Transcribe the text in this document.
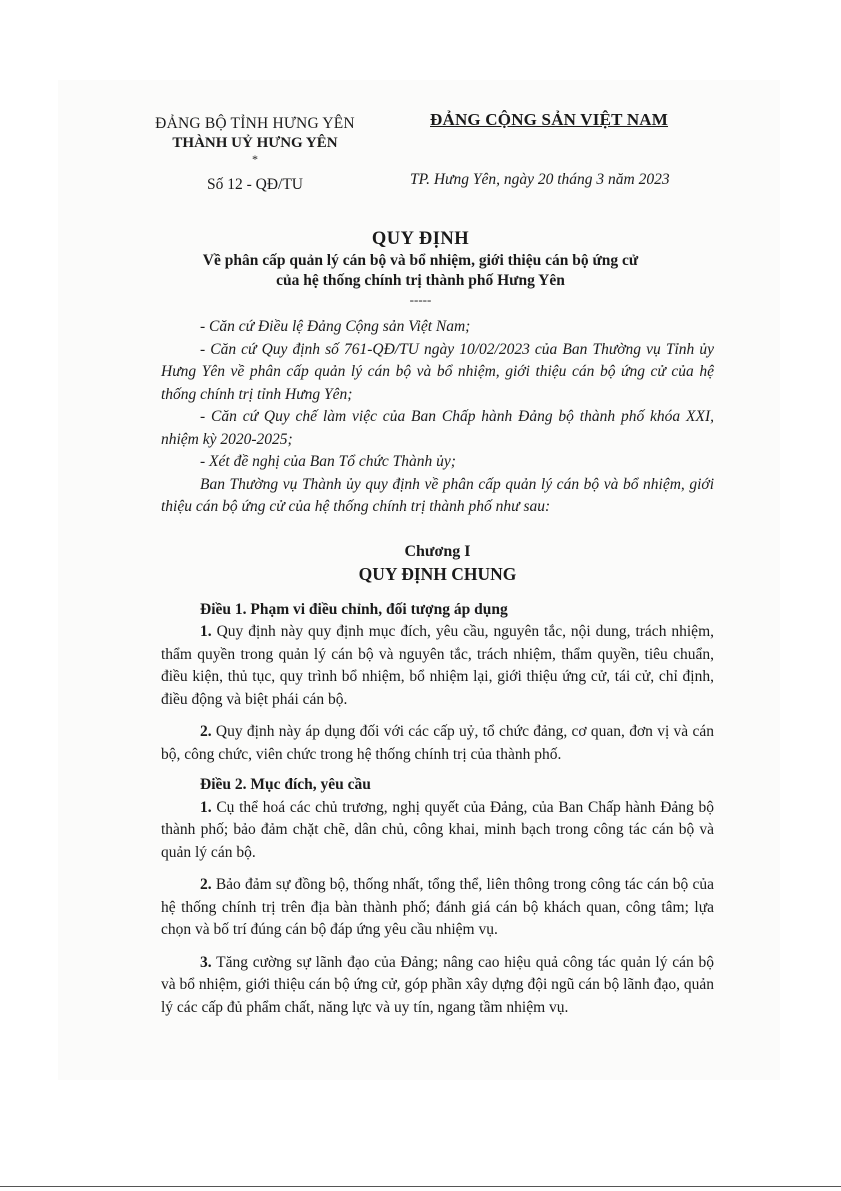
ĐẢNG BỘ TỈNH HƯNG YÊN
THÀNH UỶ HƯNG YÊN
*
Số 12 - QĐ/TU
ĐẢNG CỘNG SẢN VIỆT NAM
TP. Hưng Yên, ngày 20 tháng 3 năm 2023
QUY ĐỊNH
Về phân cấp quản lý cán bộ và bổ nhiệm, giới thiệu cán bộ ứng cử
của hệ thống chính trị thành phố Hưng Yên
-----

- Căn cứ Điều lệ Đảng Cộng sản Việt Nam;

- Căn cứ Quy định số 761-QĐ/TU ngày 10/02/2023 của Ban Thường vụ Tỉnh ủy Hưng Yên về phân cấp quản lý cán bộ và bổ nhiệm, giới thiệu cán bộ ứng cử của hệ thống chính trị tỉnh Hưng Yên;

- Căn cứ Quy chế làm việc của Ban Chấp hành Đảng bộ thành phố khóa XXI, nhiệm kỳ 2020-2025;

- Xét đề nghị của Ban Tổ chức Thành ủy;

Ban Thường vụ Thành ủy quy định về phân cấp quản lý cán bộ và bổ nhiệm, giới thiệu cán bộ ứng cử của hệ thống chính trị thành phố như sau:

Chương I

QUY ĐỊNH CHUNG

Điều 1. Phạm vi điều chỉnh, đối tượng áp dụng

1. Quy định này quy định mục đích, yêu cầu, nguyên tắc, nội dung, trách nhiệm, thẩm quyền trong quản lý cán bộ và nguyên tắc, trách nhiệm, thẩm quyền, tiêu chuẩn, điều kiện, thủ tục, quy trình bổ nhiệm, bổ nhiệm lại, giới thiệu ứng cử, tái cử, chỉ định, điều động và biệt phái cán bộ.

2. Quy định này áp dụng đối với các cấp uỷ, tổ chức đảng, cơ quan, đơn vị và cán bộ, công chức, viên chức trong hệ thống chính trị của thành phố.

Điều 2. Mục đích, yêu cầu

1. Cụ thể hoá các chủ trương, nghị quyết của Đảng, của Ban Chấp hành Đảng bộ thành phố; bảo đảm chặt chẽ, dân chủ, công khai, minh bạch trong công tác cán bộ và quản lý cán bộ.

2. Bảo đảm sự đồng bộ, thống nhất, tổng thể, liên thông trong công tác cán bộ của hệ thống chính trị trên địa bàn thành phố; đánh giá cán bộ khách quan, công tâm; lựa chọn và bố trí đúng cán bộ đáp ứng yêu cầu nhiệm vụ.

3. Tăng cường sự lãnh đạo của Đảng; nâng cao hiệu quả công tác quản lý cán bộ và bổ nhiệm, giới thiệu cán bộ ứng cử, góp phần xây dựng đội ngũ cán bộ lãnh đạo, quản lý các cấp đủ phẩm chất, năng lực và uy tín, ngang tầm nhiệm vụ.
